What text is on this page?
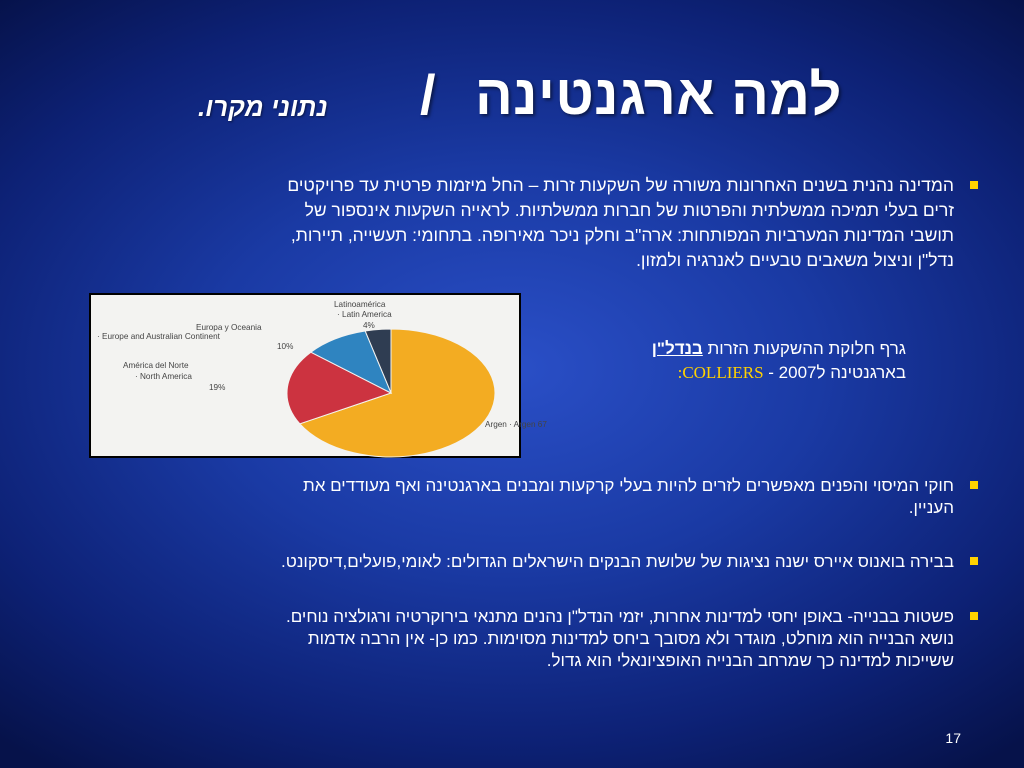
למה ארגנטינה
/
נתוני מקרו.
המדינה נהנית בשנים האחרונות משורה של השקעות זרות – החל מיזמות פרטית עד פרויקטים
זרים בעלי תמיכה ממשלתית והפרטות של חברות ממשלתיות. לראייה השקעות אינספור של
תושבי המדינות המערביות המפותחות: ארה"ב וחלק ניכר מאירופה. בתחומי: תעשייה, תיירות,
נדל"ן וניצול משאבים טבעיים לאנרגיה ולמזון.
Latinoamérica
· Latin America
4%
Europa y Oceania
· Europe and Australian Continent
10%
América del Norte
· North America
19%
Argen · Argen 67
גרף חלוקת ההשקעות הזרות בנדל"ן
בארגנטינה ל2007 - COLLIERS:
חוקי המיסוי והפנים מאפשרים לזרים להיות בעלי קרקעות ומבנים בארגנטינה ואף מעודדים את
העניין.
בבירה בואנוס איירס ישנה נציגות של שלושת הבנקים הישראלים הגדולים: לאומי,פועלים,דיסקונט.
פשטות בבנייה- באופן יחסי למדינות אחרות, יזמי הנדל"ן נהנים מתנאי בירוקרטיה ורגולציה נוחים.
נושא הבנייה הוא מוחלט, מוגדר ולא מסובך ביחס למדינות מסוימות. כמו כן- אין הרבה אדמות
ששייכות למדינה כך שמרחב הבנייה האופציונאלי הוא גדול.
17
